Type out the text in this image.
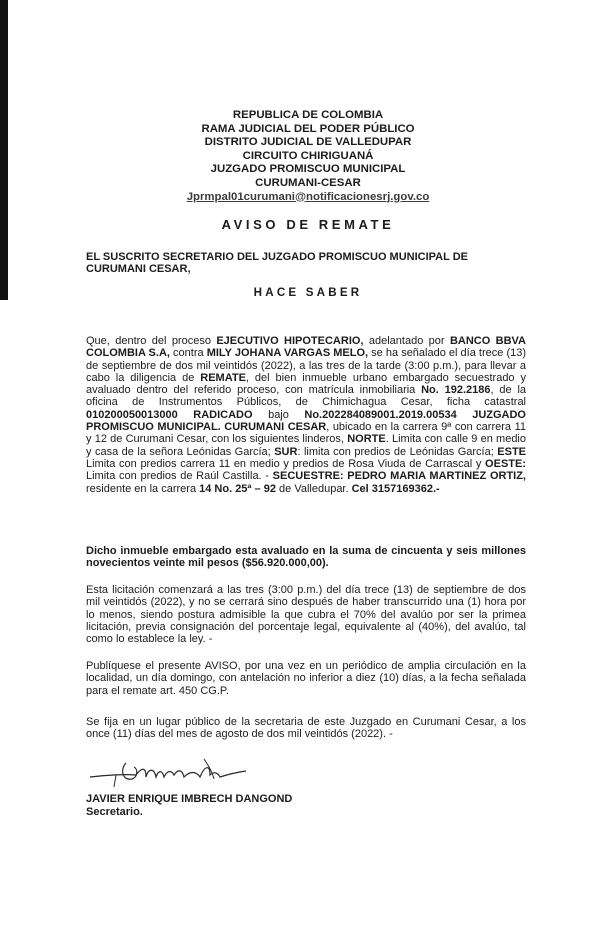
REPUBLICA DE COLOMBIA
RAMA JUDICIAL DEL PODER PÚBLICO
DISTRITO JUDICIAL DE VALLEDUPAR
CIRCUITO CHIRIGUANÁ
JUZGADO PROMISCUO MUNICIPAL
CURUMANI-CESAR
Jprmpal01curumani@notificacionesrj.gov.co
AVISO DE REMATE
EL SUSCRITO SECRETARIO DEL JUZGADO PROMISCUO MUNICIPAL DE
CURUMANI CESAR,
HACE SABER
Que, dentro del proceso EJECUTIVO HIPOTECARIO, adelantado por BANCO BBVA COLOMBIA S.A, contra MILY JOHANA VARGAS MELO, se ha señalado el día trece (13) de septiembre de dos mil veintidós (2022), a las tres de la tarde (3:00 p.m.), para llevar a cabo la diligencia de REMATE, del bien inmueble urbano embargado secuestrado y avaluado dentro del referido proceso, con matrícula inmobiliaria No. 192.2186, de la oficina de Instrumentos Públicos, de Chimichagua Cesar, ficha catastral 010200050013000 RADICADO bajo No.202284089001.2019.00534 JUZGADO PROMISCUO MUNICIPAL. CURUMANI CESAR, ubicado en la carrera 9ª con carrera 11 y 12 de Curumani Cesar, con los siguientes linderos, NORTE. Limita con calle 9 en medio y casa de la señora Leónidas García; SUR: limita con predios de Leónidas García; ESTE Limita con predios carrera 11 en medio y predios de Rosa Viuda de Carrascal y OESTE: Limita con predios de Raúl Castilla. - SECUESTRE: PEDRO MARIA MARTINEZ ORTIZ, residente en la carrera 14 No. 25ª – 92 de Valledupar. Cel 3157169362.-
Dicho inmueble embargado esta avaluado en la suma de cincuenta y seis millones novecientos veinte mil pesos ($56.920.000,00).
Esta licitación comenzará a las tres (3:00 p.m.) del día trece (13) de septiembre de dos mil veintidós (2022), y no se cerrará sino después de haber transcurrido una (1) hora por lo menos, siendo postura admisible la que cubra el 70% del avalúo por ser la primea licitación, previa consignación del porcentaje legal, equivalente al (40%), del avalúo, tal como lo establece la ley. -
Publíquese el presente AVISO, por una vez en un periódico de amplia circulación en la localidad, un día domingo, con antelación no inferior a diez (10) días, a la fecha señalada para el remate art. 450 CG.P.
Se fija en un lugar público de la secretaria de este Juzgado en Curumani Cesar, a los once (11) días del mes de agosto de dos mil veintidós (2022). -
JAVIER ENRIQUE IMBRECH DANGOND
Secretario.
